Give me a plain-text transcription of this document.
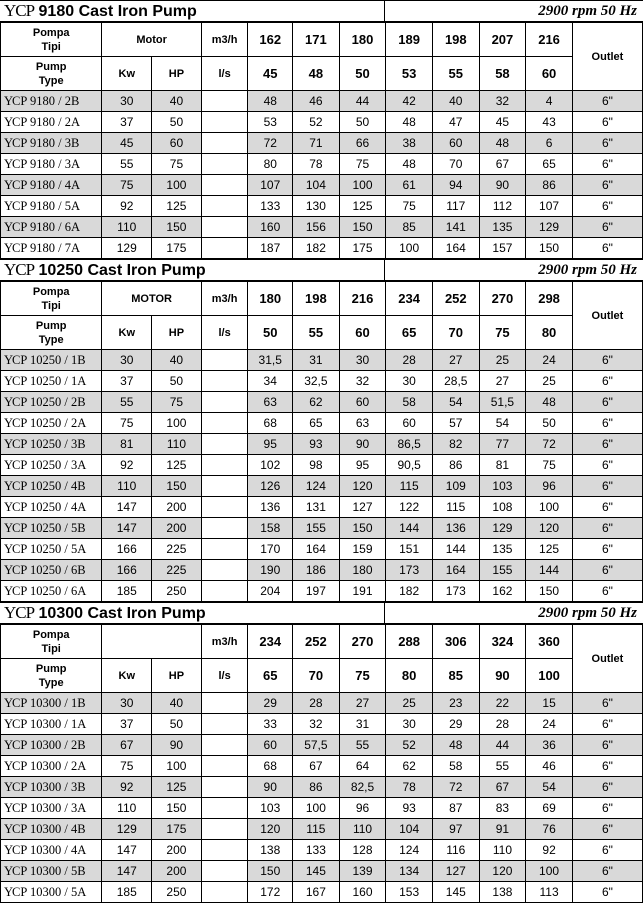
YCP 9180 Cast Iron Pump	2900 rpm 50 Hz
Pompa
Tipi	Motor		m3/h	162	171	180	189	198	207	216	Outlet

Pump
Type	Kw	HP	l/s	45	48	50	53	55	58	60	
YCP 9180 / 2B	30	40		48	46	44	42	40	32	4	6"
YCP 9180 / 2A	37	50		53	52	50	48	47	45	43	6"
YCP 9180 / 3B	45	60		72	71	66	38	60	48	6	6"
YCP 9180 / 3A	55	75		80	78	75	48	70	67	65	6"
YCP 9180 / 4A	75	100		107	104	100	61	94	90	86	6"
YCP 9180 / 5A	92	125		133	130	125	75	117	112	107	6"
YCP 9180 / 6A	110	150		160	156	150	85	141	135	129	6"
YCP 9180 / 7A	129	175		187	182	175	100	164	157	150	6"
YCP 10250 Cast Iron Pump	2900 rpm 50 Hz
Pompa
Tipi	MOTOR		m3/h	180	198	216	234	252	270	298	Outlet

Pump
Type	Kw	HP	l/s	50	55	60	65	70	75	80	
YCP 10250 / 1B	30	40		31,5	31	30	28	27	25	24	6"
YCP 10250 / 1A	37	50		34	32,5	32	30	28,5	27	25	6"
YCP 10250 / 2B	55	75		63	62	60	58	54	51,5	48	6"
YCP 10250 / 2A	75	100		68	65	63	60	57	54	50	6"
YCP 10250 / 3B	81	110		95	93	90	86,5	82	77	72	6"
YCP 10250 / 3A	92	125		102	98	95	90,5	86	81	75	6"
YCP 10250 / 4B	110	150		126	124	120	115	109	103	96	6"
YCP 10250 / 4A	147	200		136	131	127	122	115	108	100	6"
YCP 10250 / 5B	147	200		158	155	150	144	136	129	120	6"
YCP 10250 / 5A	166	225		170	164	159	151	144	135	125	6"
YCP 10250 / 6B	166	225		190	186	180	173	164	155	144	6"
YCP 10250 / 6A	185	250		204	197	191	182	173	162	150	6"
YCP 10300 Cast Iron Pump	2900 rpm 50 Hz
Pompa
Tipi			m3/h	234	252	270	288	306	324	360	Outlet

Pump
Type	Kw	HP	l/s	65	70	75	80	85	90	100	
YCP 10300 / 1B	30	40		29	28	27	25	23	22	15	6"
YCP 10300 / 1A	37	50		33	32	31	30	29	28	24	6"
YCP 10300 / 2B	67	90		60	57,5	55	52	48	44	36	6"
YCP 10300 / 2A	75	100		68	67	64	62	58	55	46	6"
YCP 10300 / 3B	92	125		90	86	82,5	78	72	67	54	6"
YCP 10300 / 3A	110	150		103	100	96	93	87	83	69	6"
YCP 10300 / 4B	129	175		120	115	110	104	97	91	76	6"
YCP 10300 / 4A	147	200		138	133	128	124	116	110	92	6"
YCP 10300 / 5B	147	200		150	145	139	134	127	120	100	6"
YCP 10300 / 5A	185	250		172	167	160	153	145	138	113	6"
